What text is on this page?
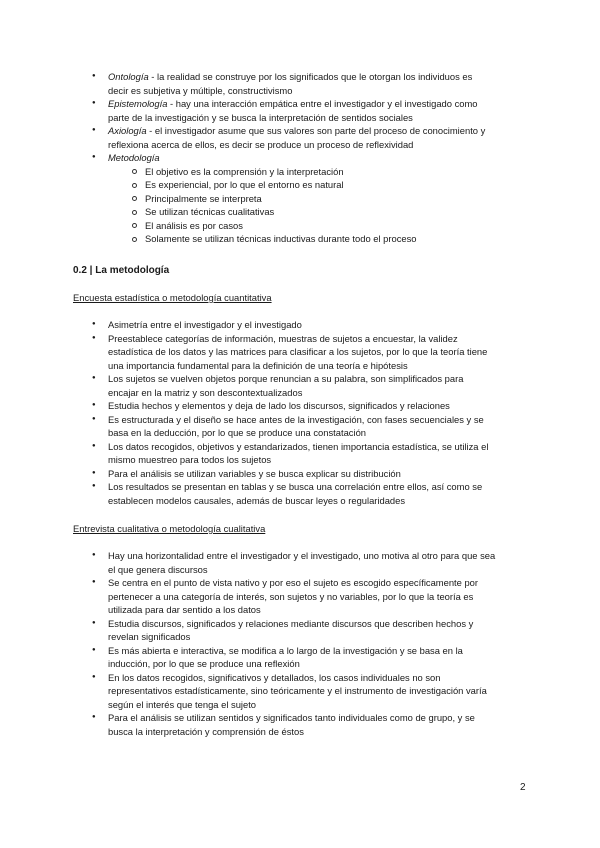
● Ontología - la realidad se construye por los significados que le otorgan los individuos es
decir es subjetiva y múltiple, constructivismo
● Epistemología - hay una interacción empática entre el investigador y el investigado como
parte de la investigación y se busca la interpretación de sentidos sociales
● Axiología - el investigador asume que sus valores son parte del proceso de conocimiento y
reflexiona acerca de ellos, es decir se produce un proceso de reflexividad
● Metodología
El objetivo es la comprensión y la interpretación
Es experiencial, por lo que el entorno es natural
Principalmente se interpreta
Se utilizan técnicas cualitativas
El análisis es por casos
Solamente se utilizan técnicas inductivas durante todo el proceso
0.2 | La metodología
Encuesta estadística o metodología cuantitativa
● Asimetría entre el investigador y el investigado
● Preestablece categorías de información, muestras de sujetos a encuestar, la validez
estadística de los datos y las matrices para clasificar a los sujetos, por lo que la teoría tiene
una importancia fundamental para la definición de una teoría e hipótesis
● Los sujetos se vuelven objetos porque renuncian a su palabra, son simplificados para
encajar en la matriz y son descontextualizados
● Estudia hechos y elementos y deja de lado los discursos, significados y relaciones
● Es estructurada y el diseño se hace antes de la investigación, con fases secuenciales y se
basa en la deducción, por lo que se produce una constatación
● Los datos recogidos, objetivos y estandarizados, tienen importancia estadística, se utiliza el
mismo muestreo para todos los sujetos
● Para el análisis se utilizan variables y se busca explicar su distribución
● Los resultados se presentan en tablas y se busca una correlación entre ellos, así como se
establecen modelos causales, además de buscar leyes o regularidades
Entrevista cualitativa o metodología cualitativa
● Hay una horizontalidad entre el investigador y el investigado, uno motiva al otro para que sea
el que genera discursos
● Se centra en el punto de vista nativo y por eso el sujeto es escogido específicamente por
pertenecer a una categoría de interés, son sujetos y no variables, por lo que la teoría es
utilizada para dar sentido a los datos
● Estudia discursos, significados y relaciones mediante discursos que describen hechos y
revelan significados
● Es más abierta e interactiva, se modifica a lo largo de la investigación y se basa en la
inducción, por lo que se produce una reflexión
● En los datos recogidos, significativos y detallados, los casos individuales no son
representativos estadísticamente, sino teóricamente y el instrumento de investigación varía
según el interés que tenga el sujeto
● Para el análisis se utilizan sentidos y significados tanto individuales como de grupo, y se
busca la interpretación y comprensión de éstos
2
